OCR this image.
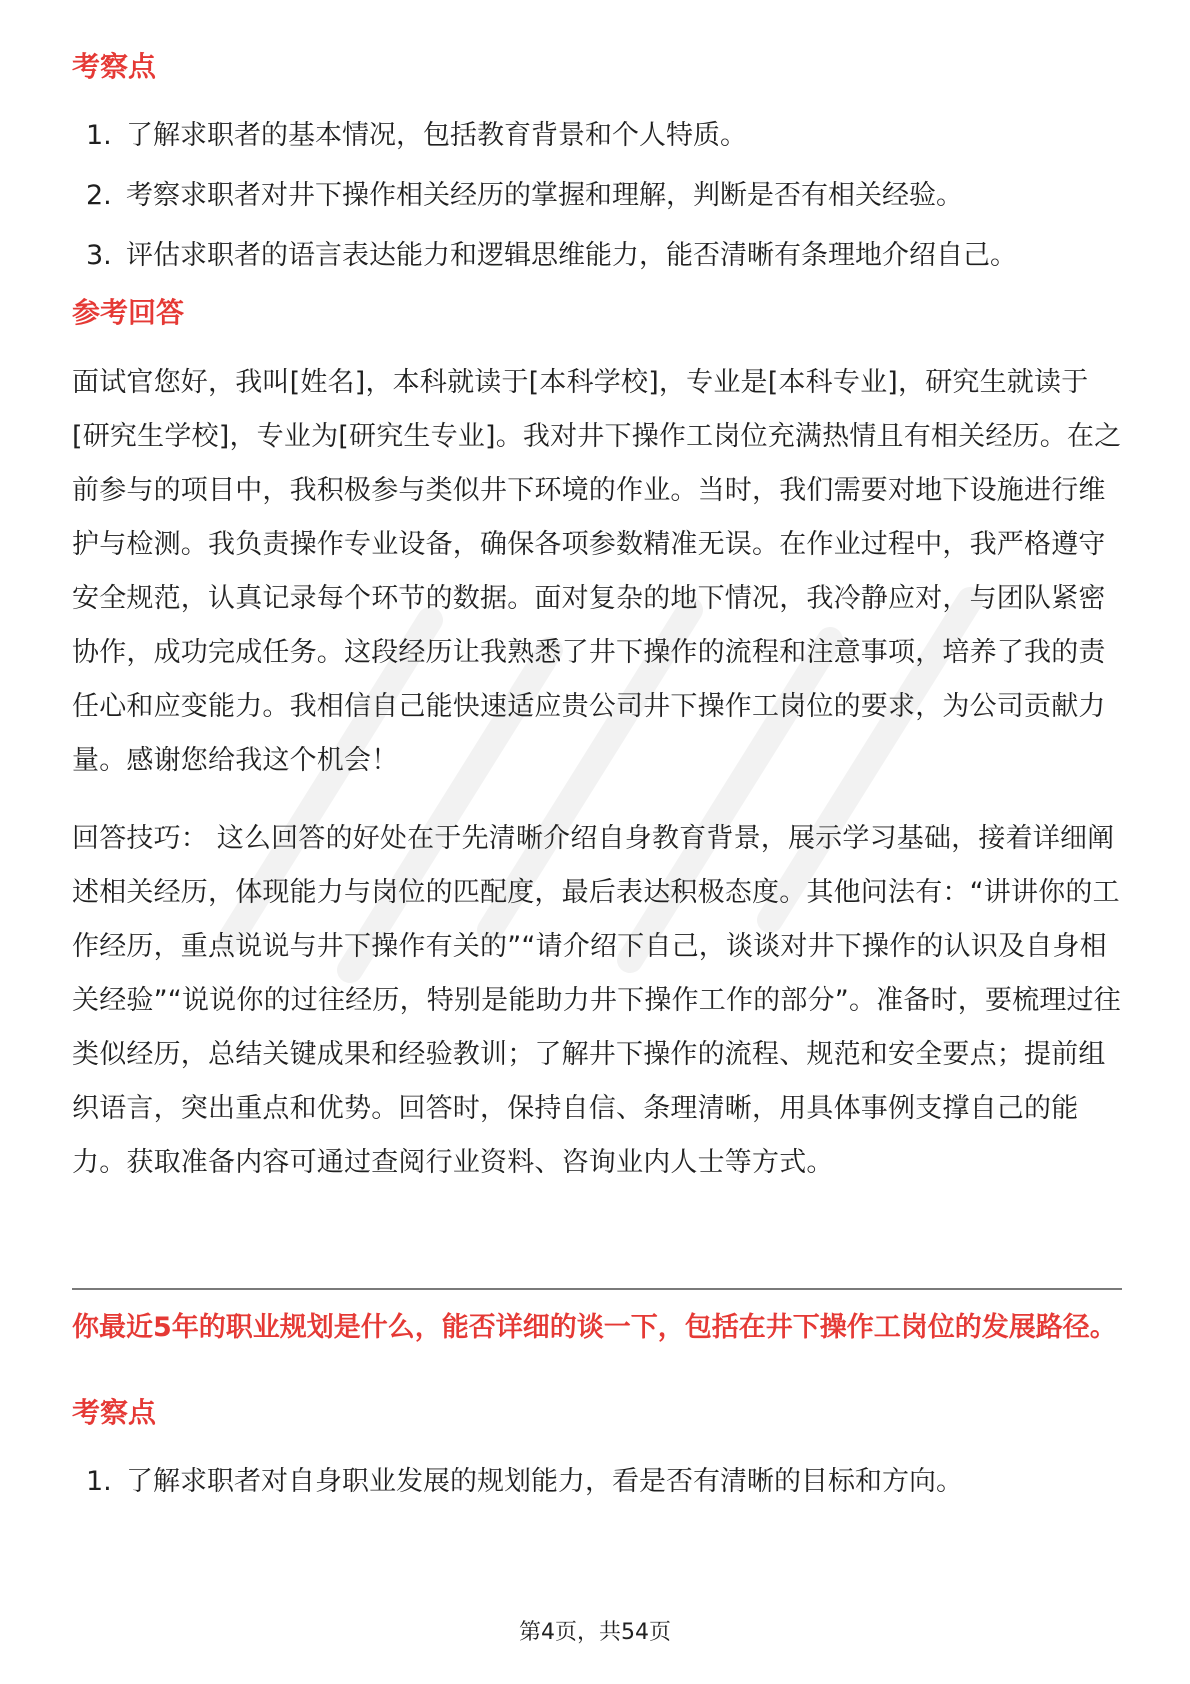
考察点
1. 了解求职者的基本情况，包括教育背景和个人特质。
2. 考察求职者对井下操作相关经历的掌握和理解，判断是否有相关经验。
3. 评估求职者的语言表达能力和逻辑思维能力，能否清晰有条理地介绍自己。
参考回答

面试官您好，我叫[姓名]，本科就读于[本科学校]，专业是[本科专业]，研究生就读于[研究生学校]，专业为[研究生专业]。我对井下操作工岗位充满热情且有相关经历。在之前参与的项目中，我积极参与类似井下环境的作业。当时，我们需要对地下设施进行维护与检测。我负责操作专业设备，确保各项参数精准无误。在作业过程中，我严格遵守安全规范，认真记录每个环节的数据。面对复杂的地下情况，我冷静应对，与团队紧密协作，成功完成任务。这段经历让我熟悉了井下操作的流程和注意事项，培养了我的责任心和应变能力。我相信自己能快速适应贵公司井下操作工岗位的要求，为公司贡献力量。感谢您给我这个机会！

回答技巧： 这么回答的好处在于先清晰介绍自身教育背景，展示学习基础，接着详细阐述相关经历，体现能力与岗位的匹配度，最后表达积极态度。其他问法有：“讲讲你的工作经历，重点说说与井下操作有关的”“请介绍下自己，谈谈对井下操作的认识及自身相关经验”“说说你的过往经历，特别是能助力井下操作工作的部分”。准备时，要梳理过往类似经历，总结关键成果和经验教训；了解井下操作的流程、规范和安全要点；提前组织语言，突出重点和优势。回答时，保持自信、条理清晰，用具体事例支撑自己的能力。获取准备内容可通过查阅行业资料、咨询业内人士等方式。

你最近5年的职业规划是什么，能否详细的谈一下，包括在井下操作工岗位的发展路径。

考察点
1. 了解求职者对自身职业发展的规划能力，看是否有清晰的目标和方向。
第4页，共54页
